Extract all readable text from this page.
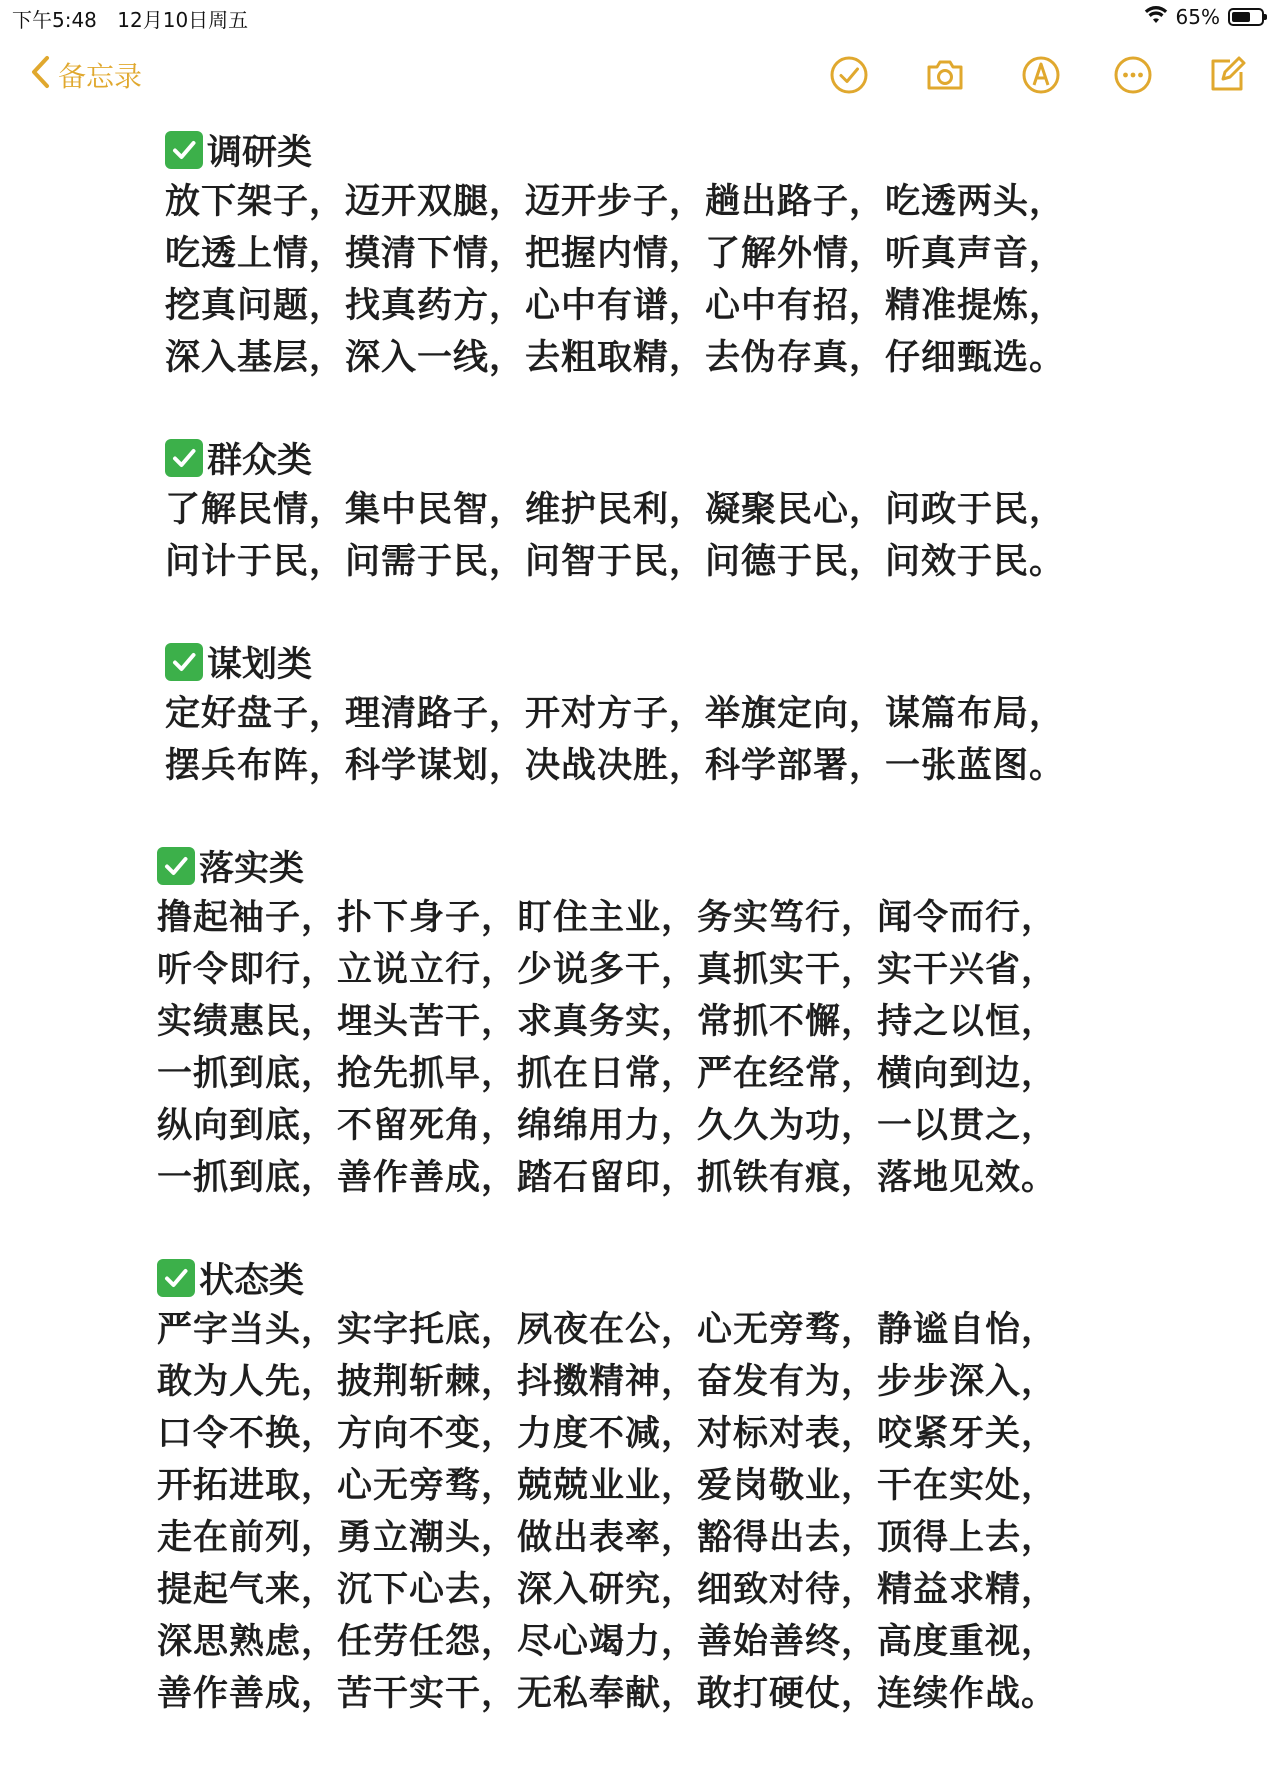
下午5:48 12月10日周五	65%
备忘录
调研类
放下架子，迈开双腿，迈开步子，趟出路子，吃透两头，
吃透上情，摸清下情，把握内情，了解外情，听真声音，
挖真问题，找真药方，心中有谱，心中有招，精准提炼，
深入基层，深入一线，去粗取精，去伪存真，仔细甄选。
群众类
了解民情，集中民智，维护民利，凝聚民心，问政于民，
问计于民，问需于民，问智于民，问德于民，问效于民。
谋划类
定好盘子，理清路子，开对方子，举旗定向，谋篇布局，
摆兵布阵，科学谋划，决战决胜，科学部署，一张蓝图。
落实类
撸起袖子，扑下身子，盯住主业，务实笃行，闻令而行，
听令即行，立说立行，少说多干，真抓实干，实干兴省，
实绩惠民，埋头苦干，求真务实，常抓不懈，持之以恒，
一抓到底，抢先抓早，抓在日常，严在经常，横向到边，
纵向到底，不留死角，绵绵用力，久久为功，一以贯之，
一抓到底，善作善成，踏石留印，抓铁有痕，落地见效。
状态类
严字当头，实字托底，夙夜在公，心无旁骛，静谧自怡，
敢为人先，披荆斩棘，抖擞精神，奋发有为，步步深入，
口令不换，方向不变，力度不减，对标对表，咬紧牙关，
开拓进取，心无旁骛，兢兢业业，爱岗敬业，干在实处，
走在前列，勇立潮头，做出表率，豁得出去，顶得上去，
提起气来，沉下心去，深入研究，细致对待，精益求精，
深思熟虑，任劳任怨，尽心竭力，善始善终，高度重视，
善作善成，苦干实干，无私奉献，敢打硬仗，连续作战。
